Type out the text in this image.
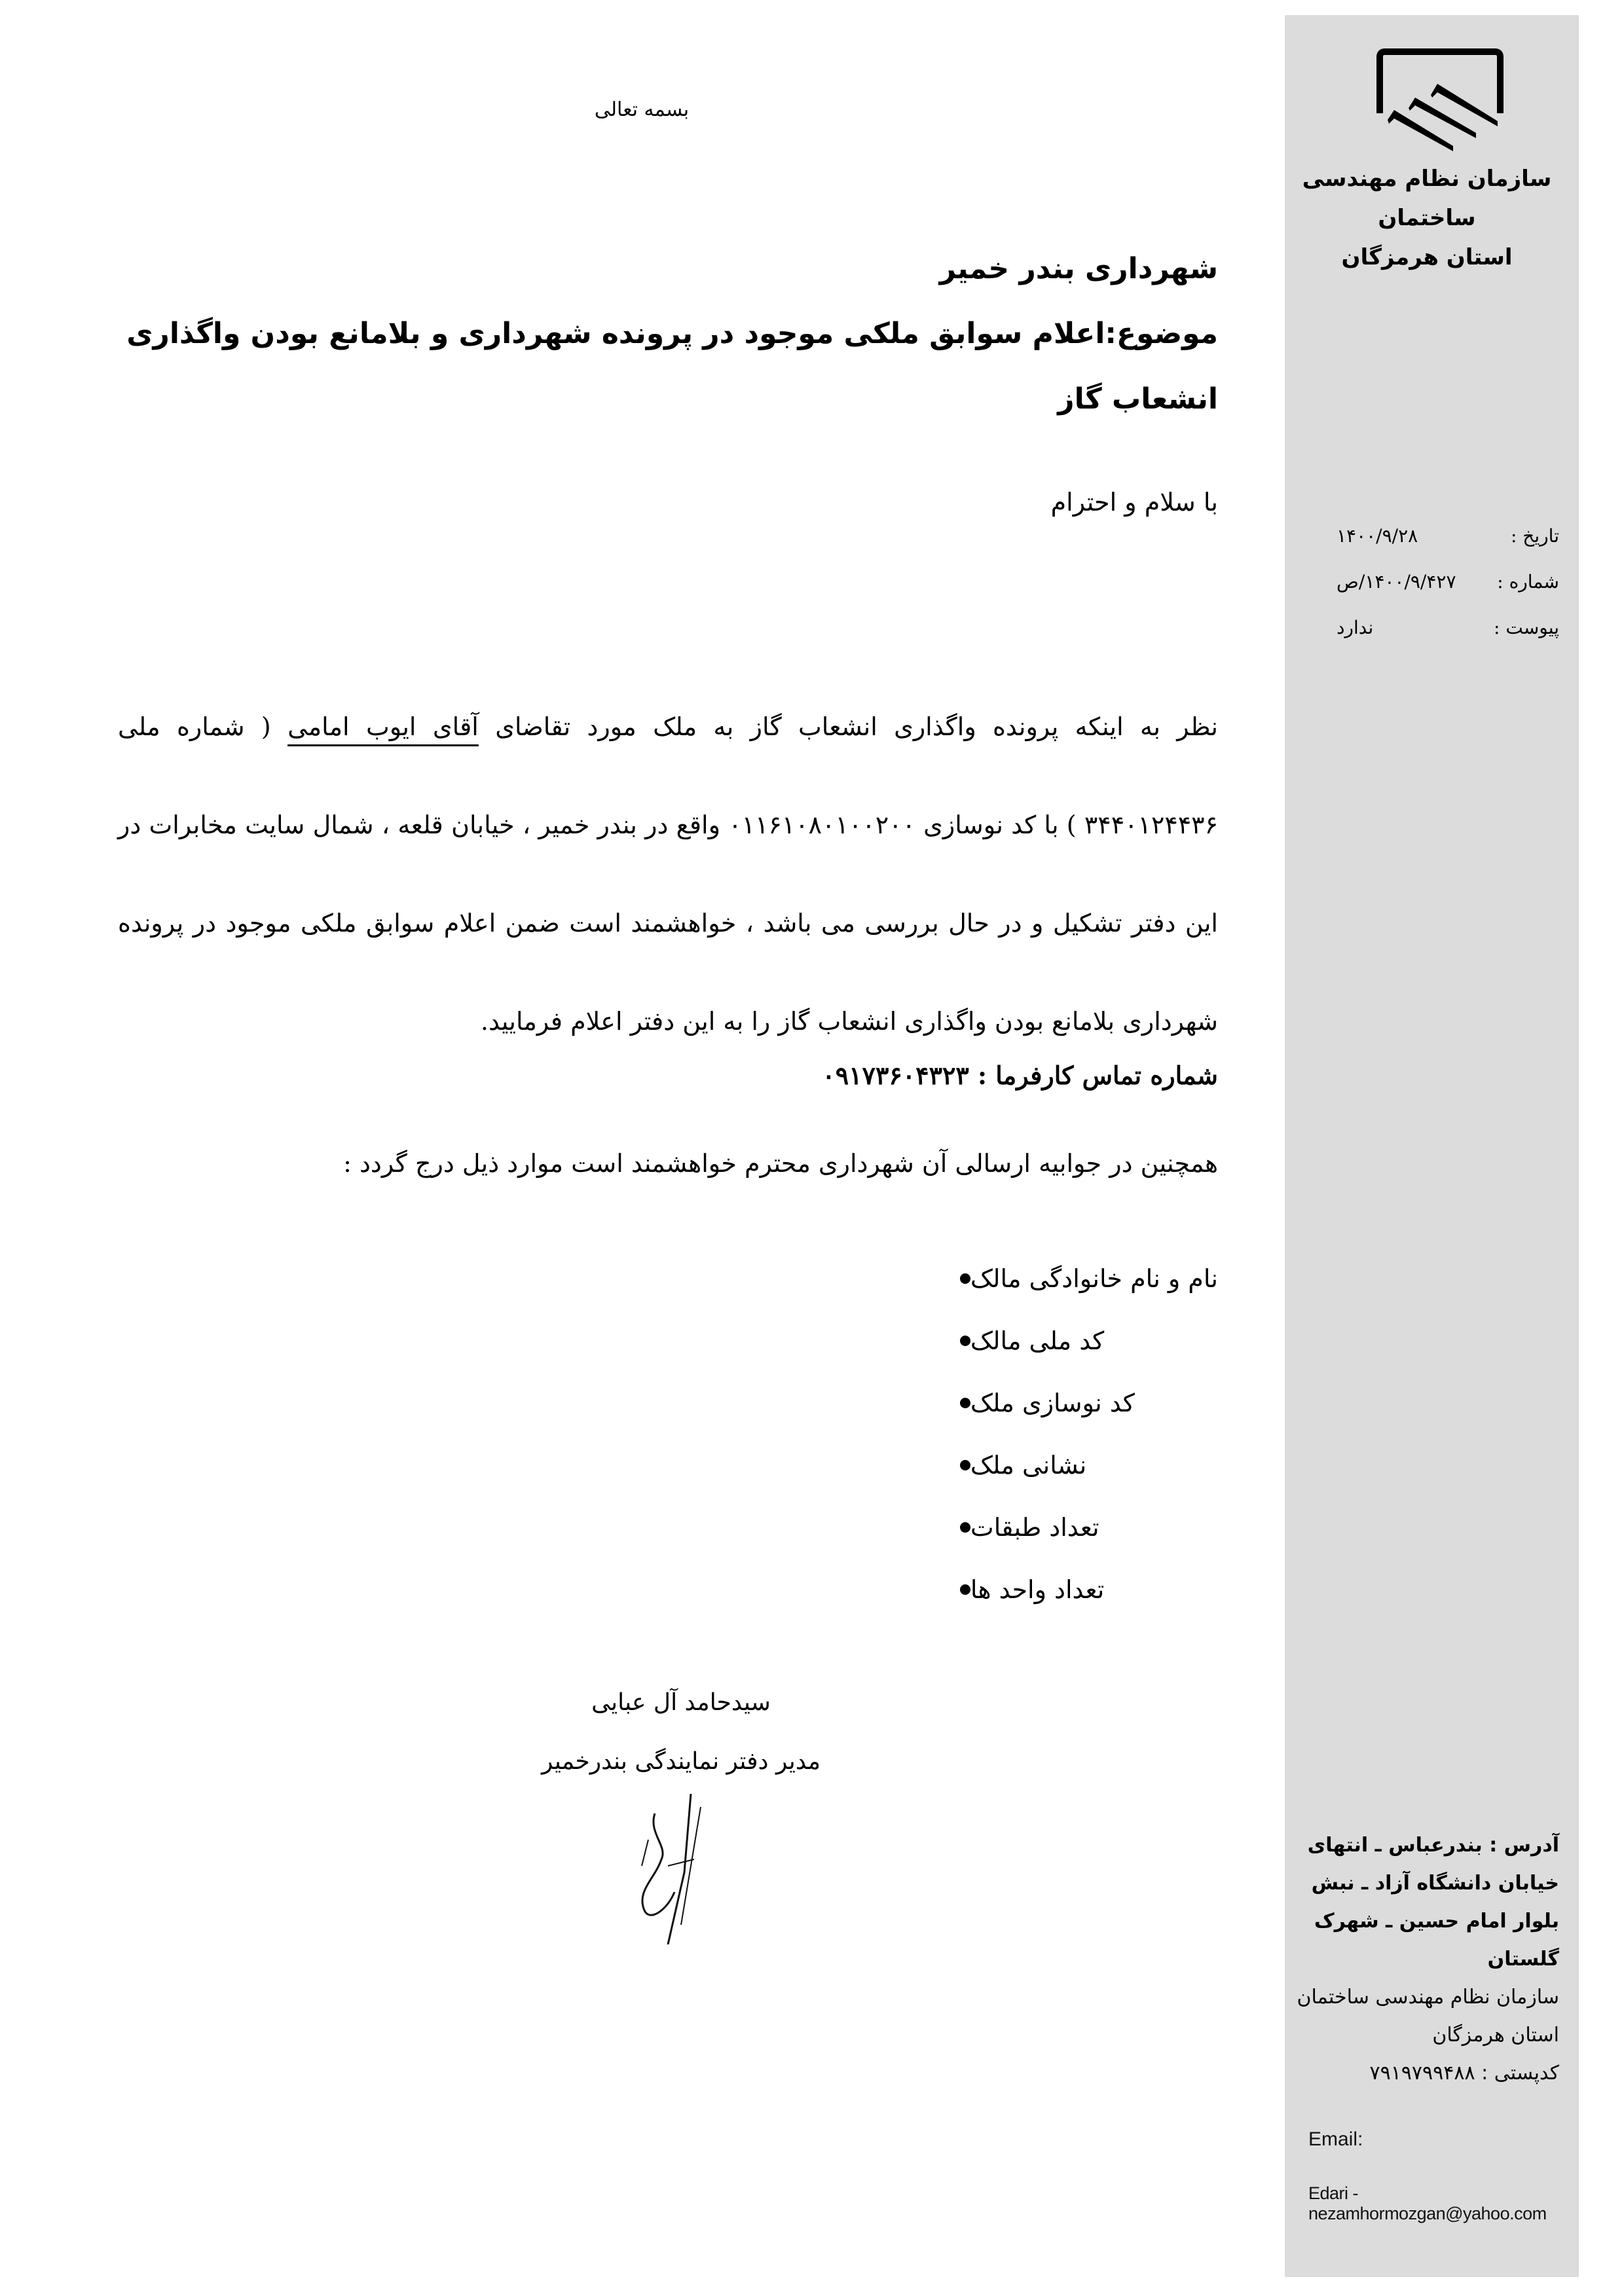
سازمان نظام مهندسی ساختمان
استان هرمزگان
تاریخ :
۱۴۰۰/۹/۲۸
شماره :
۱۴۰۰/۹/۴۲۷/ص
پیوست :
ندارد
آدرس : بندرعباس ـ انتهای
خیابان دانشگاه آزاد ـ نبش
بلوار امام حسین ـ شهرک
گلستان
سازمان نظام مهندسی ساختمان
استان هرمزگان
کدپستی : ۷۹۱۹۷۹۹۴۸۸
Email:
Edari - nezamhormozgan@yahoo.com
بسمه تعالی
شهرداری بندر خمیر
موضوع:اعلام سوابق ملکی موجود در پرونده شهرداری و بلامانع بودن واگذاری انشعاب گاز
با سلام و احترام
نظر به اینکه پرونده واگذاری انشعاب گاز به ملک مورد تقاضای آقای ایوب امامی ( شماره ملی ۳۴۴۰۱۲۴۴۳۶ ) با کد نوسازی ۰۱۱۶۱۰۸۰۱۰۰۲۰۰ واقع در بندر خمیر ، خیابان قلعه ، شمال سایت مخابرات در این دفتر تشکیل و در حال بررسی می باشد ، خواهشمند است ضمن اعلام سوابق ملکی موجود در پرونده شهرداری بلامانع بودن واگذاری انشعاب گاز را به این دفتر اعلام فرمایید.
شماره تماس کارفرما : ۰۹۱۷۳۶۰۴۳۲۳
همچنین در جوابیه ارسالی آن شهرداری محترم خواهشمند است موارد ذیل درج گردد :
نام و نام خانوادگی مالک
کد ملی مالک
کد نوسازی ملک
نشانی ملک
تعداد طبقات
تعداد واحد ها
سیدحامد آل عبایی
مدیر دفتر نمایندگی بندرخمیر
